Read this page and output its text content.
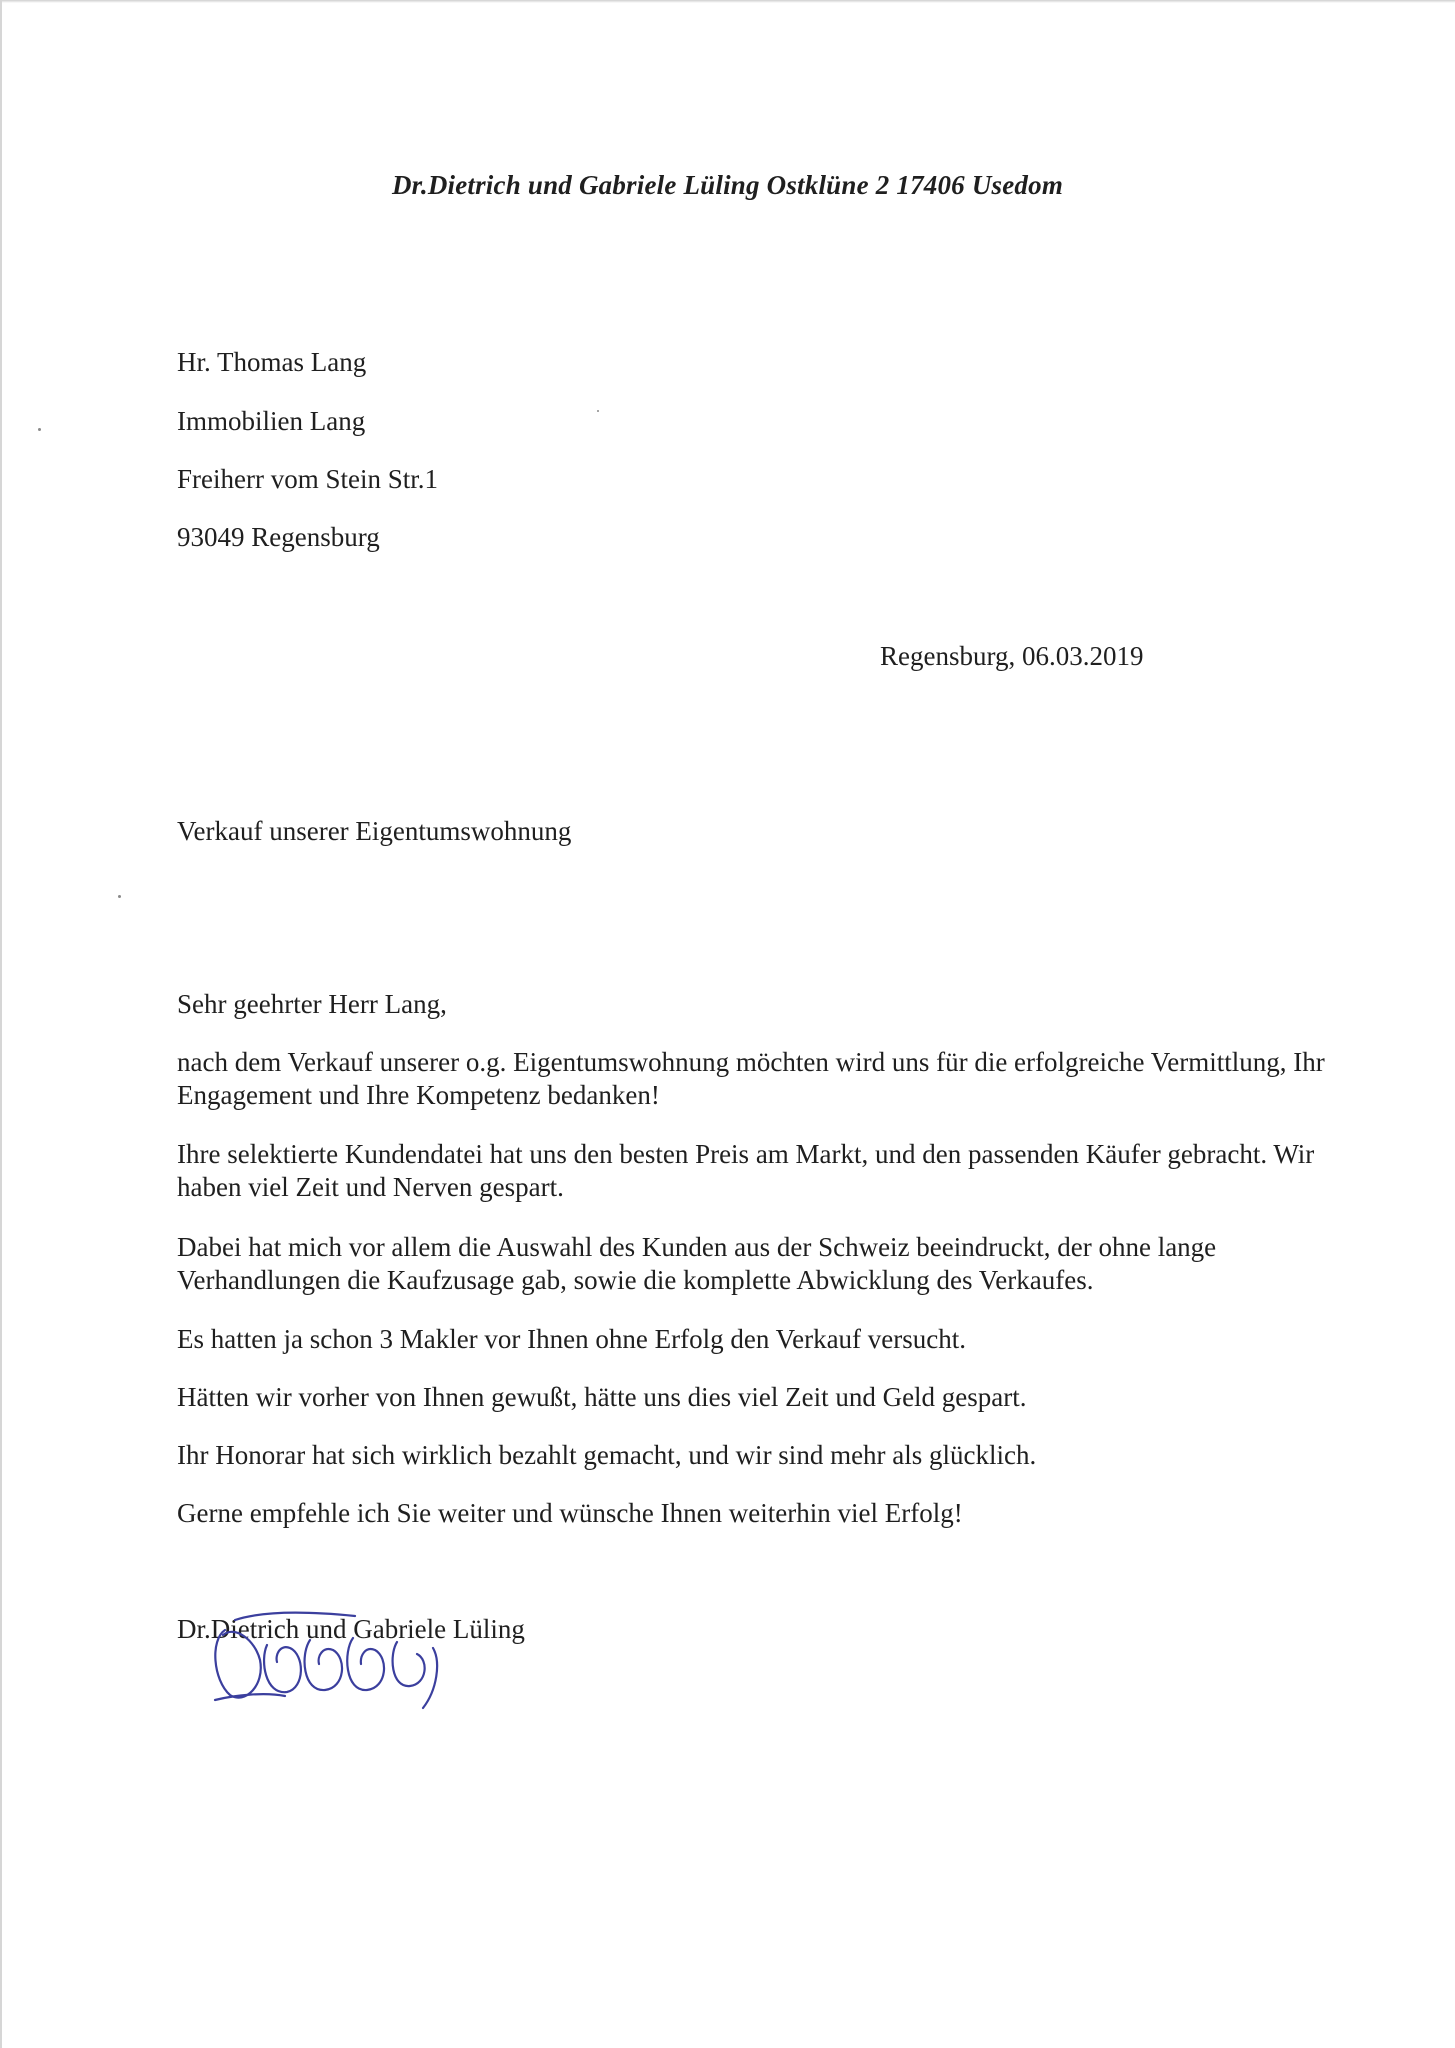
Dr.Dietrich und Gabriele Lüling Ostklüne 2 17406 Usedom
Hr. Thomas Lang
Immobilien Lang
Freiherr vom Stein Str.1
93049 Regensburg
Regensburg, 06.03.2019
Verkauf unserer Eigentumswohnung
Sehr geehrter Herr Lang,
nach dem Verkauf unserer o.g. Eigentumswohnung möchten wird uns für die erfolgreiche Vermittlung, Ihr Engagement und Ihre Kompetenz bedanken!
Ihre selektierte Kundendatei hat uns den besten Preis am Markt, und den passenden Käufer gebracht. Wir haben viel Zeit und Nerven gespart.
Dabei hat mich vor allem die Auswahl des Kunden aus der Schweiz beeindruckt, der ohne lange Verhandlungen die Kaufzusage gab, sowie die komplette Abwicklung des Verkaufes.
Es hatten ja schon 3 Makler vor Ihnen ohne Erfolg den Verkauf versucht.
Hätten wir vorher von Ihnen gewußt, hätte uns dies viel Zeit und Geld gespart.
Ihr Honorar hat sich wirklich bezahlt gemacht, und wir sind mehr als glücklich.
Gerne empfehle ich Sie weiter und wünsche Ihnen weiterhin viel Erfolg!
Dr.Dietrich und Gabriele Lüling
